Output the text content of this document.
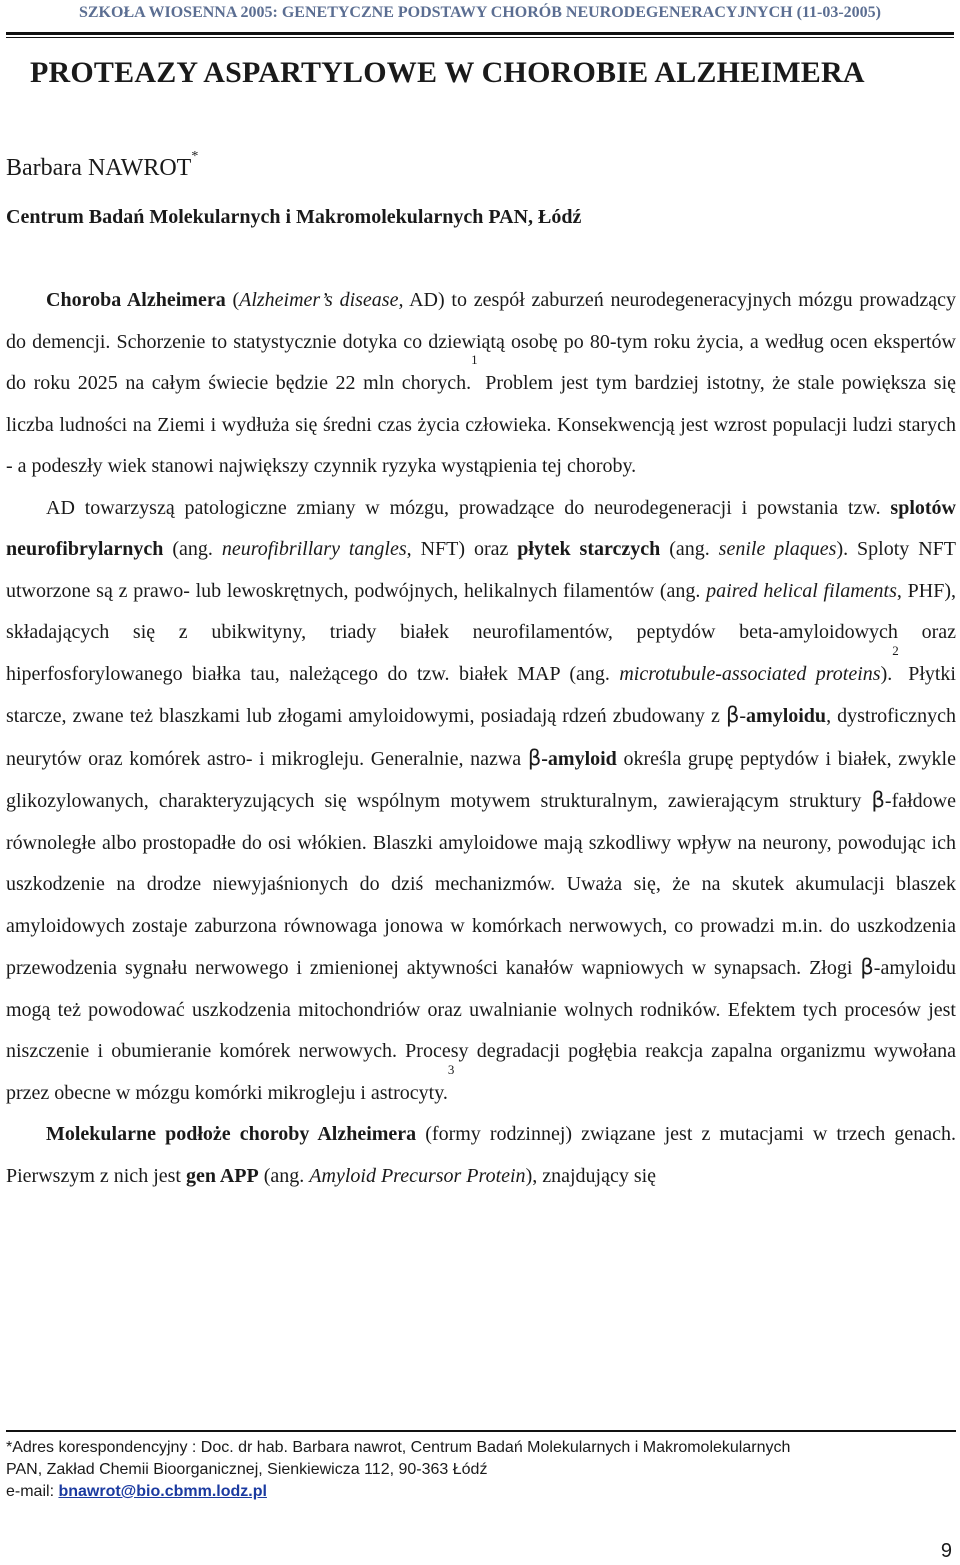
SZKOŁA WIOSENNA 2005: GENETYCZNE PODSTAWY CHORÓB NEURODEGENERACYJNYCH (11-03-2005)
PROTEAZY ASPARTYLOWE W CHOROBIE ALZHEIMERA
Barbara NAWROT*
Centrum Badań Molekularnych i Makromolekularnych PAN, Łódź

Choroba Alzheimera (Alzheimer’s disease, AD) to zespół zaburzeń neurodegeneracyjnych mózgu prowadzący do demencji. Schorzenie to statystycznie dotyka co dziewiątą osobę po 80-tym roku życia, a według ocen ekspertów do roku 2025 na całym świecie będzie 22 mln chorych.$^1$ Problem jest tym bardziej istotny, że stale powiększa się liczba ludności na Ziemi i wydłuża się średni czas życia człowieka. Konsekwencją jest wzrost populacji ludzi starych - a podeszły wiek stanowi największy czynnik ryzyka wystąpienia tej choroby.

AD towarzyszą patologiczne zmiany w mózgu, prowadzące do neurodegeneracji i powstania tzw. splotów neurofibrylarnych (ang. neurofibrillary tangles, NFT) oraz płytek starczych (ang. senile plaques). Sploty NFT utworzone są z prawo- lub lewoskrętnych, podwójnych, helikalnych filamentów (ang. paired helical filaments, PHF), składających się z ubikwityny, triady białek neurofilamentów, peptydów beta-amyloidowych oraz hiperfosforylowanego białka tau, należącego do tzw. białek MAP (ang. microtubule-associated proteins).$^2$ Płytki starcze, zwane też blaszkami lub złogami amyloidowymi, posiadają rdzeń zbudowany z β-amyloidu, dystroficznych neurytów oraz komórek astro- i mikrogleju. Generalnie, nazwa β-amyloid określa grupę peptydów i białek, zwykle glikozylowanych, charakteryzujących się wspólnym motywem strukturalnym, zawierającym struktury β-fałdowe równoległe albo prostopadłe do osi włókien. Blaszki amyloidowe mają szkodliwy wpływ na neurony, powodując ich uszkodzenie na drodze niewyjaśnionych do dziś mechanizmów. Uważa się, że na skutek akumulacji blaszek amyloidowych zostaje zaburzona równowaga jonowa w komórkach nerwowych, co prowadzi m.in. do uszkodzenia przewodzenia sygnału nerwowego i zmienionej aktywności kanałów wapniowych w synapsach. Złogi β-amyloidu mogą też powodować uszkodzenia mitochondriów oraz uwalnianie wolnych rodników. Efektem tych procesów jest niszczenie i obumieranie komórek nerwowych. Procesy degradacji pogłębia reakcja zapalna organizmu wywołana przez obecne w mózgu komórki mikrogleju i astrocyty.$^3$

Molekularne podłoże choroby Alzheimera (formy rodzinnej) związane jest z mutacjami w trzech genach. Pierwszym z nich jest gen APP (ang. Amyloid Precursor Protein), znajdujący się

*Adres korespondencyjny : Doc. dr hab. Barbara nawrot, Centrum Badań Molekularnych i Makromolekularnych
PAN, Zakład Chemii Bioorganicznej, Sienkiewicza 112, 90-363 Łódź
e-mail: bnawrot@bio.cbmm.lodz.pl
9
